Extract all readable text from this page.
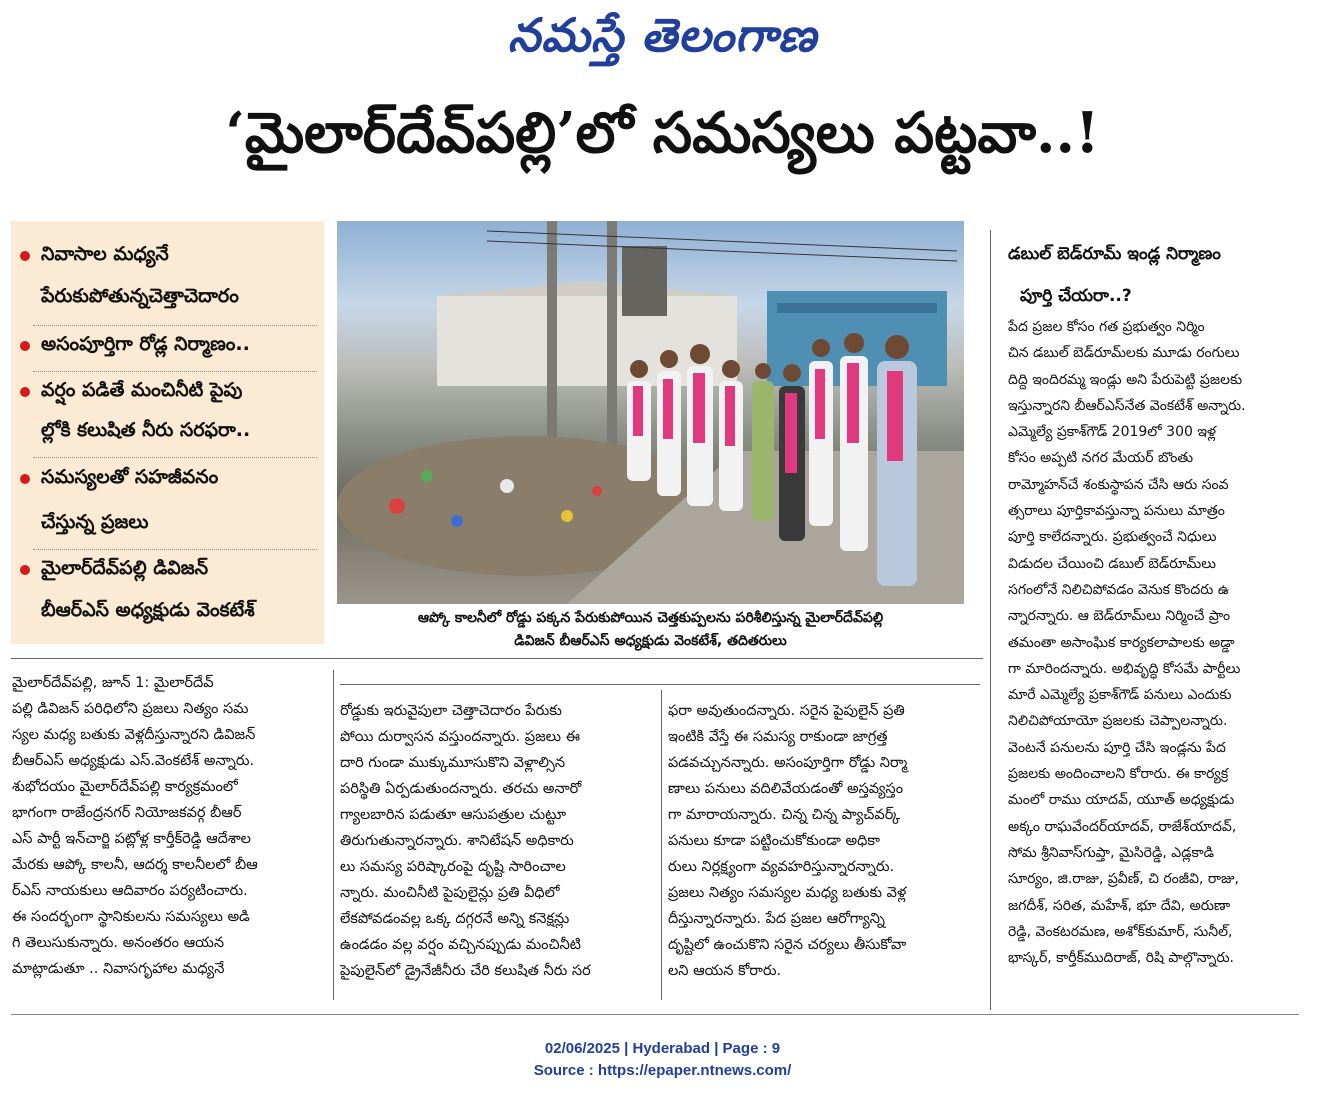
నమస్తే తెలంగాణ
‘మైలార్‌దేవ్‌పల్లి’లో సమస్యలు పట్టవా..!
నివాసాల మధ్యనే
పేరుకుపోతున్నచెత్తాచెదారం
అసంపూర్తిగా రోడ్ల నిర్మాణం..
వర్షం పడితే మంచినీటి పైపు
ల్లోకి కలుషిత నీరు సరఫరా..
సమస్యలతో సహజీవనం
చేస్తున్న ప్రజలు
మైలార్‌దేవ్‌పల్లి డివిజన్
బీఆర్‌ఎస్ అధ్యక్షుడు వెంకటేశ్	ఆప్కో కాలనీలో రోడ్డు పక్కన పేరుకుపోయిన చెత్తకుప్పలను పరిశీలిస్తున్న మైలార్‌దేవ్‌పల్లి
డివిజన్ బీఆర్‌ఎస్ అధ్యక్షుడు వెంకటేశ్, తదితరులు
డబుల్ బెడ్‌రూమ్ ఇండ్ల నిర్మాణం
పూర్తి చేయరా..?

పేద ప్రజల కోసం గత ప్రభుత్వం నిర్మిం

చిన డబుల్ బెడ్‌రూమ్‌లకు మూడు రంగులు

దిద్ది ఇందిరమ్మ ఇండ్లు అని పేరుపెట్టి ప్రజలకు

ఇస్తున్నారని బీఆర్‌ఎస్‌నేత వెంకటేశ్ అన్నారు.

ఎమ్మెల్యే ప్రకాశ్‌గౌడ్ 2019లో 300 ఇళ్ల

కోసం అప్పటి నగర మేయర్ బొంతు

రామ్మోహన్‌చే శంకుస్థాపన చేసి ఆరు సంవ

త్సరాలు పూర్తికావస్తున్నా పనులు మాత్రం

పూర్తి కాలేదన్నారు. ప్రభుత్వంచే నిధులు

విడుదల చేయించి డబుల్ బెడ్‌రూమ్‌లు

సగంలోనే నిలిచిపోవడం వెనుక కొందరు ఉ

న్నారన్నారు. ఆ బెడ్‌రూమ్‌లు నిర్మించే ప్రాం

తమంతా అసాంఘిక కార్యకలాపాలకు అడ్డా

గా మారిందన్నారు. అభివృద్ధి కోసమే పార్టీలు

మారే ఎమ్మెల్యే ప్రకాశ్‌గౌడ్ పనులు ఎందుకు

నిలిచిపోయాయో ప్రజలకు చెప్పాలన్నారు.

వెంటనే పనులను పూర్తి చేసి ఇండ్లను పేద

ప్రజలకు అందించాలని కోరారు. ఈ కార్యక్ర

మంలో రాము యాదవ్, యూత్ అధ్యక్షుడు

అక్కం రాఘవేందర్‌యాదవ్, రాజేశ్‌యాదవ్,

సోమ శ్రీనివాస్‌గుప్తా, మైసిరెడ్డి, ఎడ్లకాడి

సూర్యం, జి.రాజు, ప్రవీణ్, చి రంజీవి, రాజు,

జగదీశ్, సరిత, మహేశ్, భూ దేవి, అరుణా

రెడ్డి, వెంకటరమణ, అశోక్‌కుమార్, సునీల్,

భాస్కర్, కార్తీక్‌ముదిరాజ్, రిషి పాల్గొన్నారు.

మైలార్‌దేవ్‌పల్లి, జూన్ 1: మైలార్‌దేవ్

పల్లి డివిజన్ పరిధిలోని ప్రజలు నిత్యం సమ

స్యల మధ్య బతుకు వెళ్లదీస్తున్నారని డివిజన్

బీఆర్‌ఎస్ అధ్యక్షుడు ఎస్.వెంకటేశ్ అన్నారు.

శుభోదయం మైలార్‌దేవ్‌పల్లి కార్యక్రమంలో

భాగంగా రాజేంద్రనగర్ నియోజకవర్గ బీఆర్

ఎస్ పార్టీ ఇన్‌చార్జి పట్లోళ్ల కార్తీక్‌రెడ్డి ఆదేశాల

మేరకు ఆప్కో కాలనీ, ఆదర్శ కాలనీలలో బీఆ

ర్‌ఎస్ నాయకులు ఆదివారం పర్యటించారు.

ఈ సందర్భంగా స్థానికులను సమస్యలు అడి

గి తెలుసుకున్నారు. అనంతరం ఆయన

మాట్లాడుతూ .. నివాసగృహాల మధ్యనే

రోడ్డుకు ఇరువైపులా చెత్తాచెదారం పేరుకు

పోయి దుర్వాసన వస్తుందన్నారు. ప్రజలు ఈ

దారి గుండా ముక్కుమూసుకొని వెళ్లాల్సిన

పరిస్థితి ఏర్పడుతుందన్నారు. తరచు అనారో

గ్యాలబారిన పడుతూ ఆసుపత్రుల చుట్టూ

తిరుగుతున్నారన్నారు. శానిటేషన్ అధికారు

లు సమస్య పరిష్కారంపై దృష్టి సారించాల

న్నారు. మంచినీటి పైపులైన్లు ప్రతి వీధిలో

లేకపోవడంవల్ల ఒక్క దగ్గరనే అన్ని కనెక్షన్లు

ఉండడం వల్ల వర్షం వచ్చినప్పుడు మంచినీటి

పైపులైన్‌లో డ్రైనేజీనీరు చేరి కలుషిత నీరు సర

ఫరా అవుతుందన్నారు. సరైన పైపులైన్ ప్రతి

ఇంటికి వేస్తే ఈ సమస్య రాకుండా జాగ్రత్త

పడవచ్చునన్నారు. అసంపూర్తిగా రోడ్డు నిర్మా

ణాలు పనులు వదిలివేయడంతో అస్తవ్యస్తం

గా మారాయన్నారు. చిన్న చిన్న ప్యాచ్‌వర్క్

పనులు కూడా పట్టించుకోకుండా అధికా

రులు నిర్లక్ష్యంగా వ్యవహరిస్తున్నారన్నారు.

ప్రజలు నిత్యం సమస్యల మధ్య బతుకు వెళ్ల

దీస్తున్నారన్నారు. పేద ప్రజల ఆరోగ్యాన్ని

దృష్టిలో ఉంచుకొని సరైన చర్యలు తీసుకోవా

లని ఆయన కోరారు.

02/06/2025 | Hyderabad | Page : 9
Source : https://epaper.ntnews.com/
